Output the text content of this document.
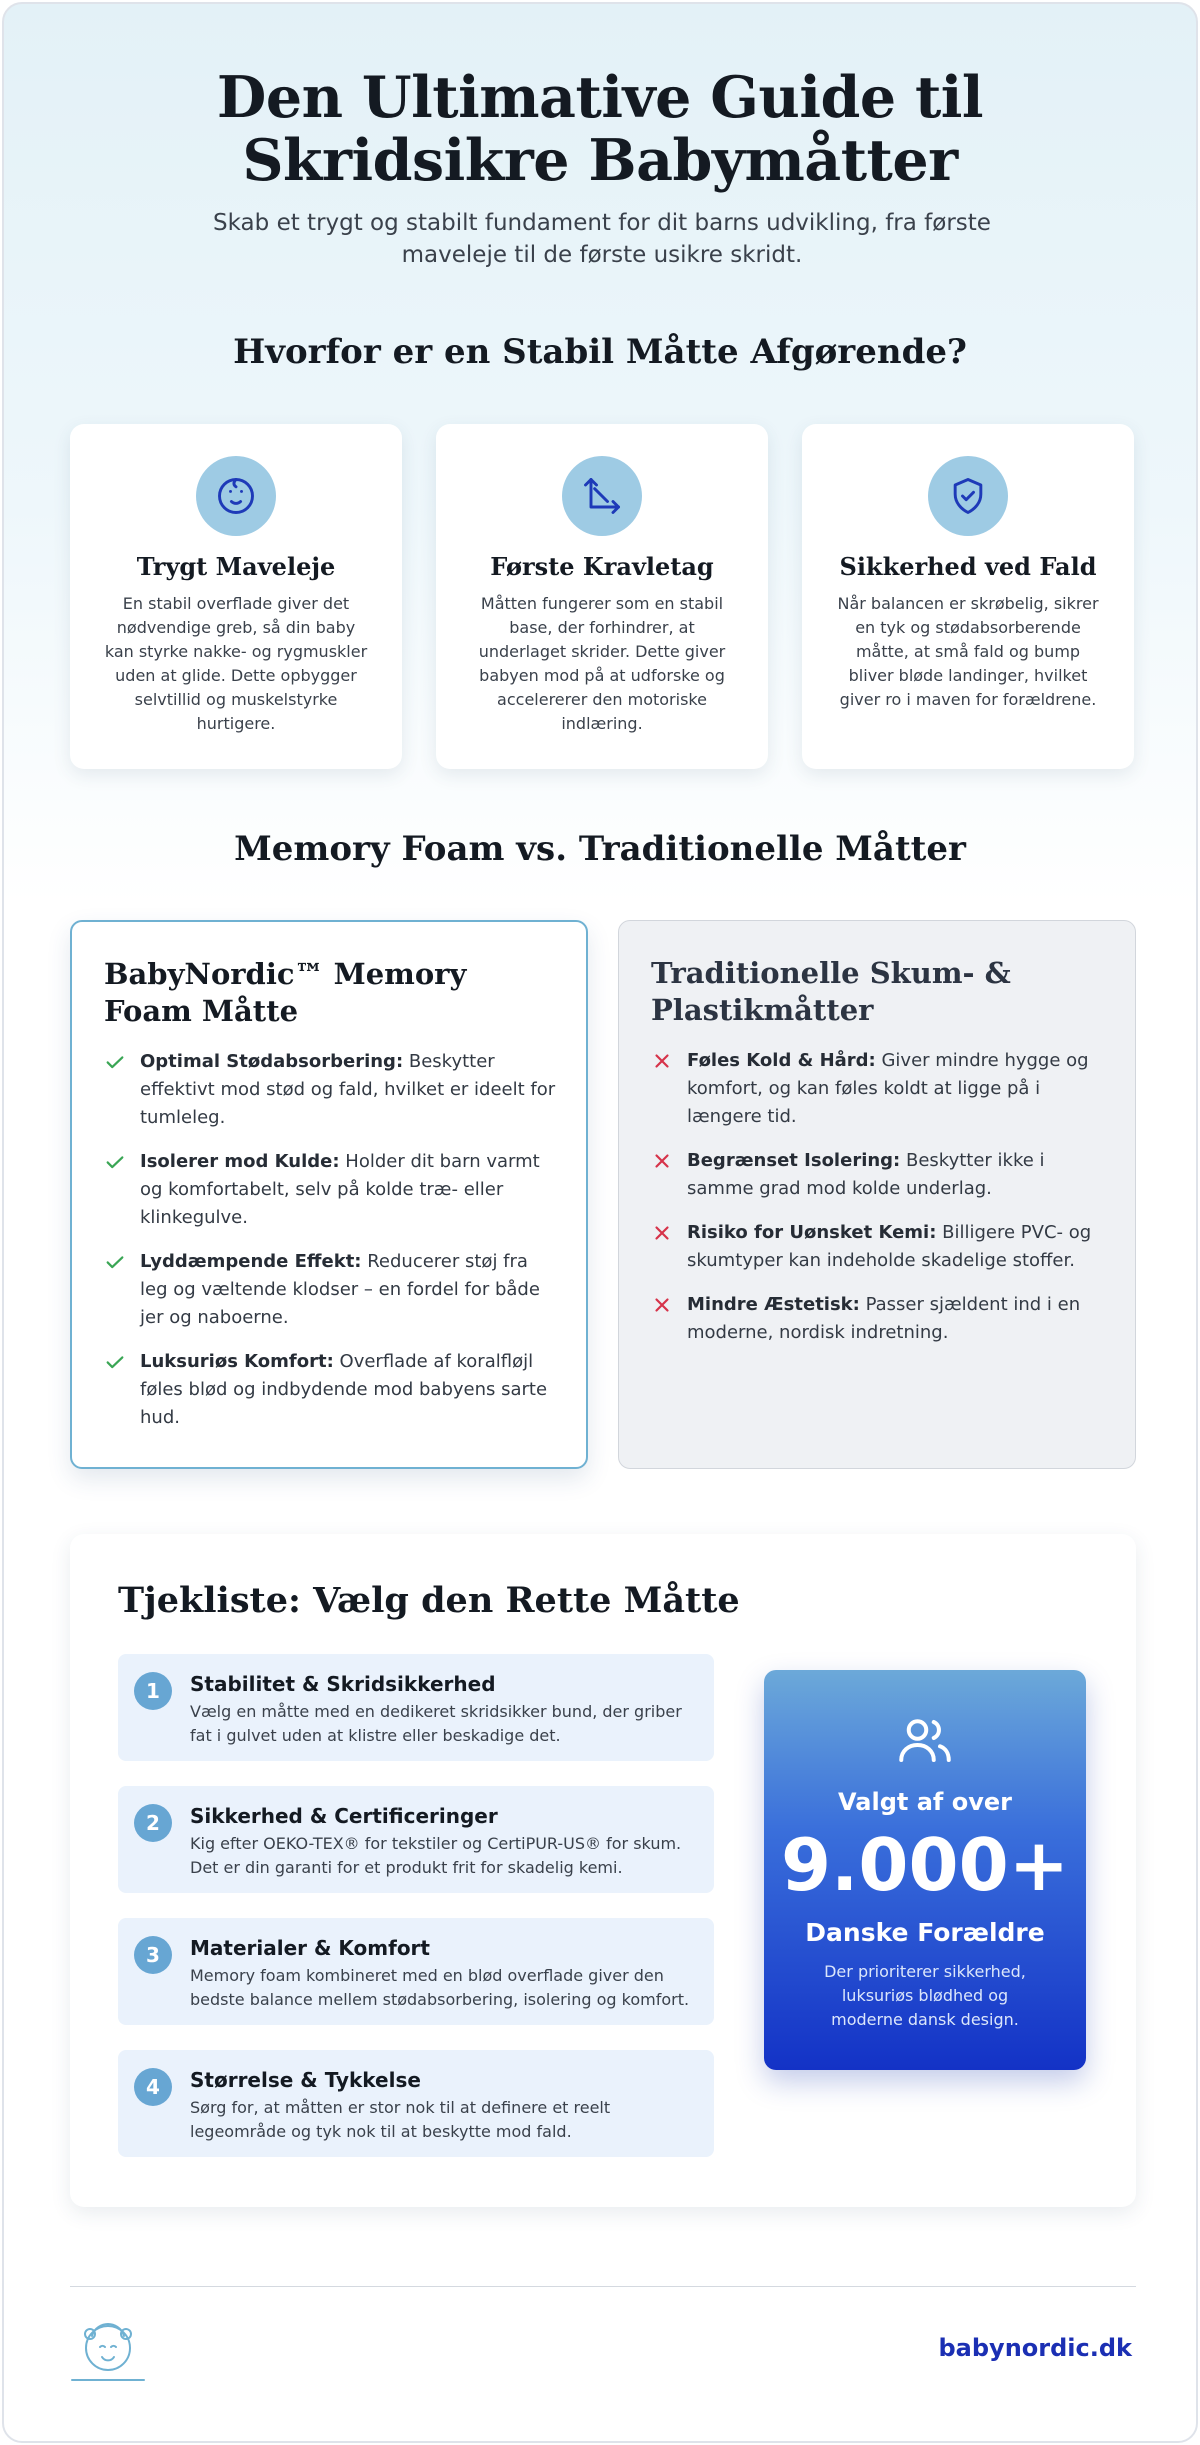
Den Ultimative Guide til
Skridsikre Babymåtter

Skab et trygt og stabilt fundament for dit barns udvikling, fra første maveleje til de første usikre skridt.

Hvorfor er en Stabil Måtte Afgørende?
Trygt Maveleje

En stabil overflade giver det nødvendige greb, så din baby kan styrke nakke- og rygmuskler uden at glide. Dette opbygger selvtillid og muskelstyrke hurtigere.

Første Kravletag

Måtten fungerer som en stabil base, der forhindrer, at underlaget skrider. Dette giver babyen mod på at udforske og accelererer den motoriske indlæring.

Sikkerhed ved Fald

Når balancen er skrøbelig, sikrer en tyk og stødabsorberende måtte, at små fald og bump bliver bløde landinger, hvilket giver ro i maven for forældrene.

Memory Foam vs. Traditionelle Måtter
BabyNordic™ Memory Foam Måtte
Optimal Stødabsorbering: Beskytter effektivt mod stød og fald, hvilket er ideelt for tumleleg.
Isolerer mod Kulde: Holder dit barn varmt og komfortabelt, selv på kolde træ- eller klinkegulve.
Lyddæmpende Effekt: Reducerer støj fra leg og væltende klodser – en fordel for både jer og naboerne.
Luksuriøs Komfort: Overflade af koralfløjl føles blød og indbydende mod babyens sarte hud.
Traditionelle Skum- & Plastikmåtter
Føles Kold & Hård: Giver mindre hygge og komfort, og kan føles koldt at ligge på i længere tid.
Begrænset Isolering: Beskytter ikke i samme grad mod kolde underlag.
Risiko for Uønsket Kemi: Billigere PVC- og skumtyper kan indeholde skadelige stoffer.
Mindre Æstetisk: Passer sjældent ind i en moderne, nordisk indretning.
Tjekliste: Vælg den Rette Måtte
1	Stabilitet & Skridsikkerhed
Vælg en måtte med en dedikeret skridsikker bund, der griber fat i gulvet uden at klistre eller beskadige det.
2	Sikkerhed & Certificeringer
Kig efter OEKO-TEX® for tekstiler og CertiPUR-US® for skum. Det er din garanti for et produkt frit for skadelig kemi.
3	Materialer & Komfort
Memory foam kombineret med en blød overflade giver den bedste balance mellem stødabsorbering, isolering og komfort.
4	Størrelse & Tykkelse
Sørg for, at måtten er stor nok til at definere et reelt legeområde og tyk nok til at beskytte mod fald.
Valgt af over
9.000+
Danske Forældre
Der prioriterer sikkerhed, luksuriøs blødhed og moderne dansk design.
babynordic.dk
